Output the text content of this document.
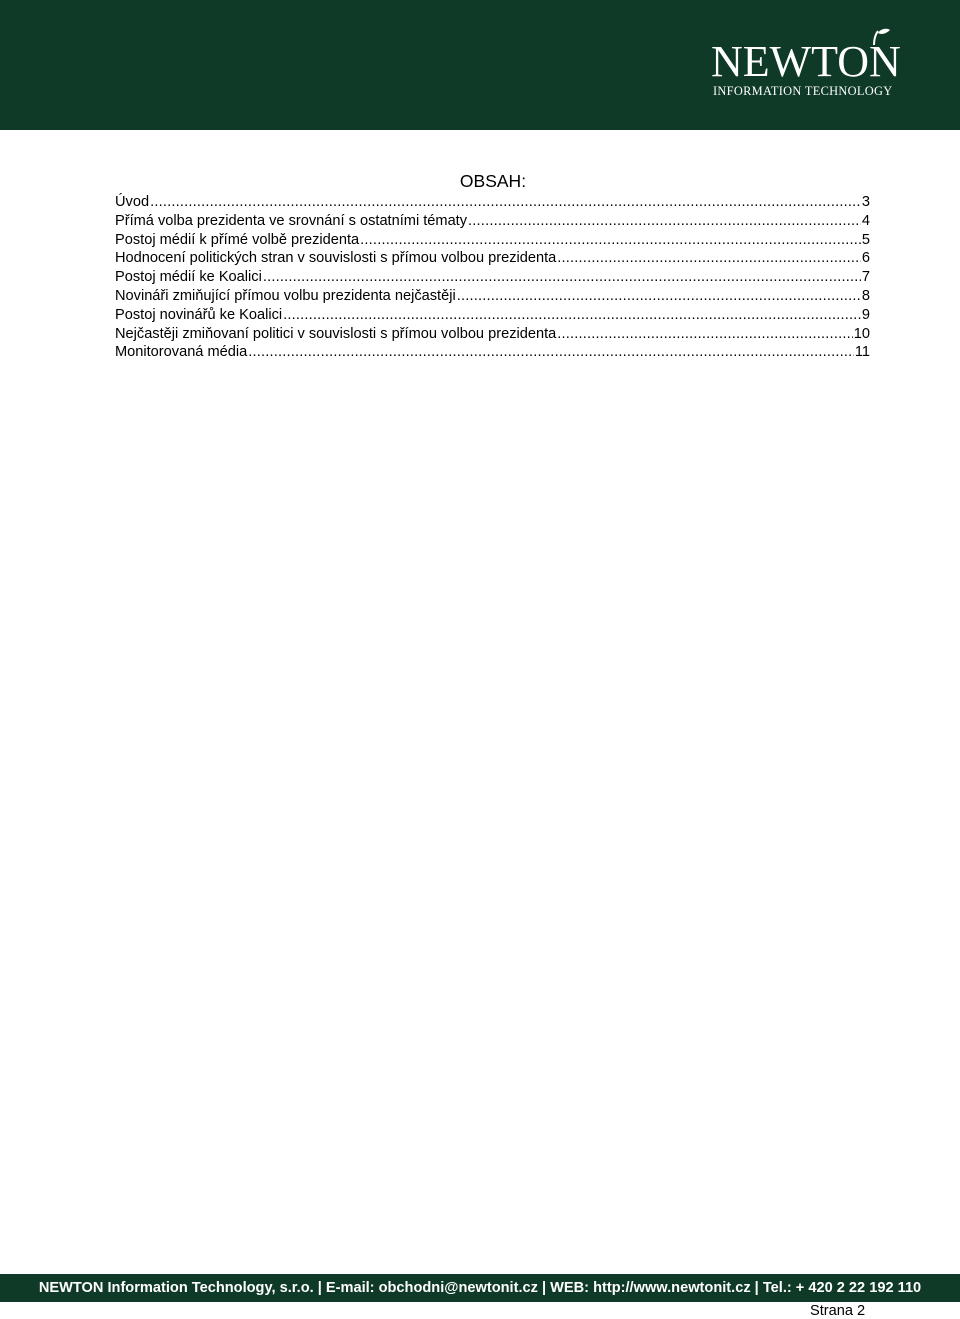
NEWTON
INFORMATION TECHNOLOGY
OBSAH:
Úvod .....	3
Přímá volba prezidenta ve srovnání s ostatními tématy .....	4
Postoj médií k přímé volbě prezidenta .....	5
Hodnocení politických stran v souvislosti s přímou volbou prezidenta .....	6
Postoj médií ke Koalici .....	7
Novináři zmiňující přímou volbu prezidenta nejčastěji .....	8
Postoj novinářů ke Koalici .....	9
Nejčastěji zmiňovaní politici v souvislosti s přímou volbou prezidenta .....	10
Monitorovaná média .....	11
NEWTON Information Technology, s.r.o. | E-mail: obchodni@newtonit.cz | WEB: http://www.newtonit.cz | Tel.: + 420 2 22 192 110
Strana 2
